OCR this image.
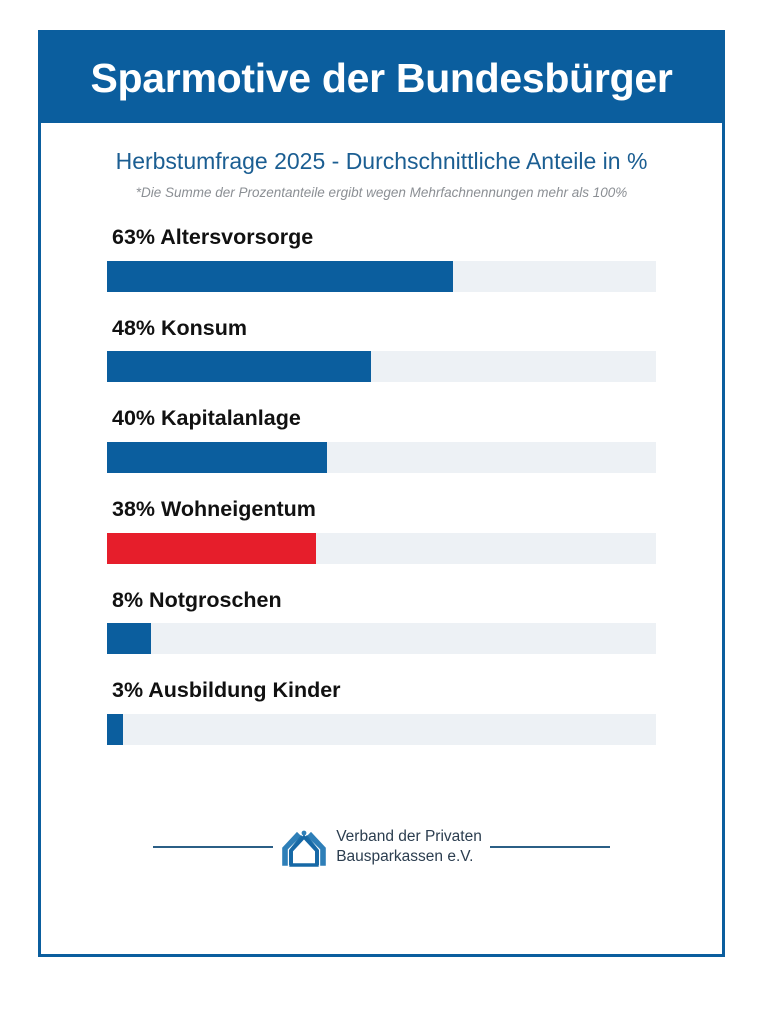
Sparmotive der Bundesbürger
Herbstumfrage 2025 - Durchschnittliche Anteile in %
*Die Summe der Prozentanteile ergibt wegen Mehrfachnennungen mehr als 100%
63% Altersvorsorge
48% Konsum
40% Kapitalanlage
38% Wohneigentum
8% Notgroschen
3% Ausbildung Kinder
Verband der Privaten
Bausparkassen e.V.
